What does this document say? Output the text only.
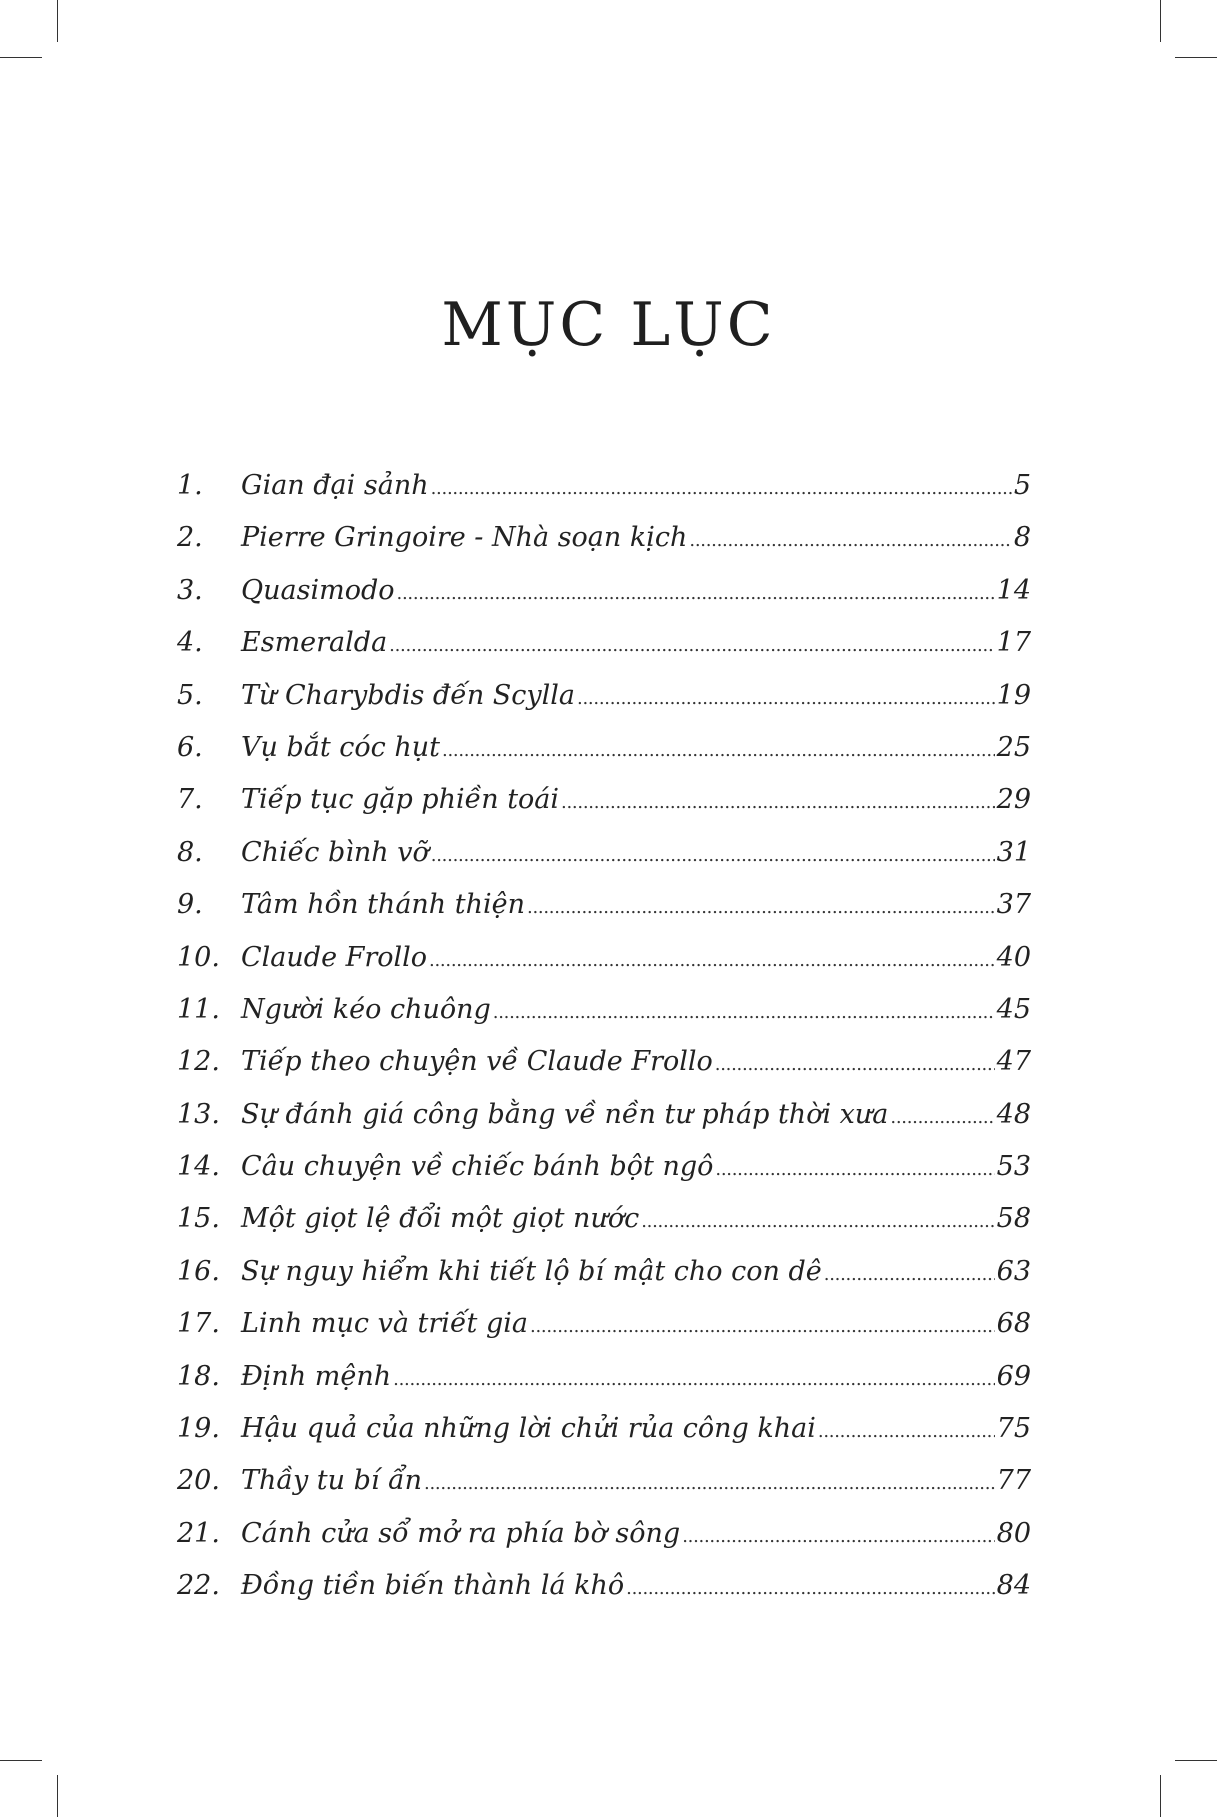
MỤC LỤC
1.	Gian đại sảnh . . .	5
2.	Pierre Gringoire - Nhà soạn kịch . . .	8
3.	Quasimodo . . .	14
4.	Esmeralda . . .	17
5.	Từ Charybdis đến Scylla . . .	19
6.	Vụ bắt cóc hụt . . .	25
7.	Tiếp tục gặp phiền toái . . .	29
8.	Chiếc bình vỡ . . .	31
9.	Tâm hồn thánh thiện . . .	37
10. Claude Frollo . . .	40
11. Người kéo chuông . . .	45
12. Tiếp theo chuyện về Claude Frollo . . .	47
13. Sự đánh giá công bằng về nền tư pháp thời xưa . . .	48
14. Câu chuyện về chiếc bánh bột ngô . . .	53
15. Một giọt lệ đổi một giọt nước . . .	58
16. Sự nguy hiểm khi tiết lộ bí mật cho con dê . . .	63
17. Linh mục và triết gia . . .	68
18. Định mệnh . . .	69
19. Hậu quả của những lời chửi rủa công khai . . .	75
20. Thầy tu bí ẩn . . .	77
21. Cánh cửa sổ mở ra phía bờ sông . . .	80
22. Đồng tiền biến thành lá khô . . .	84
